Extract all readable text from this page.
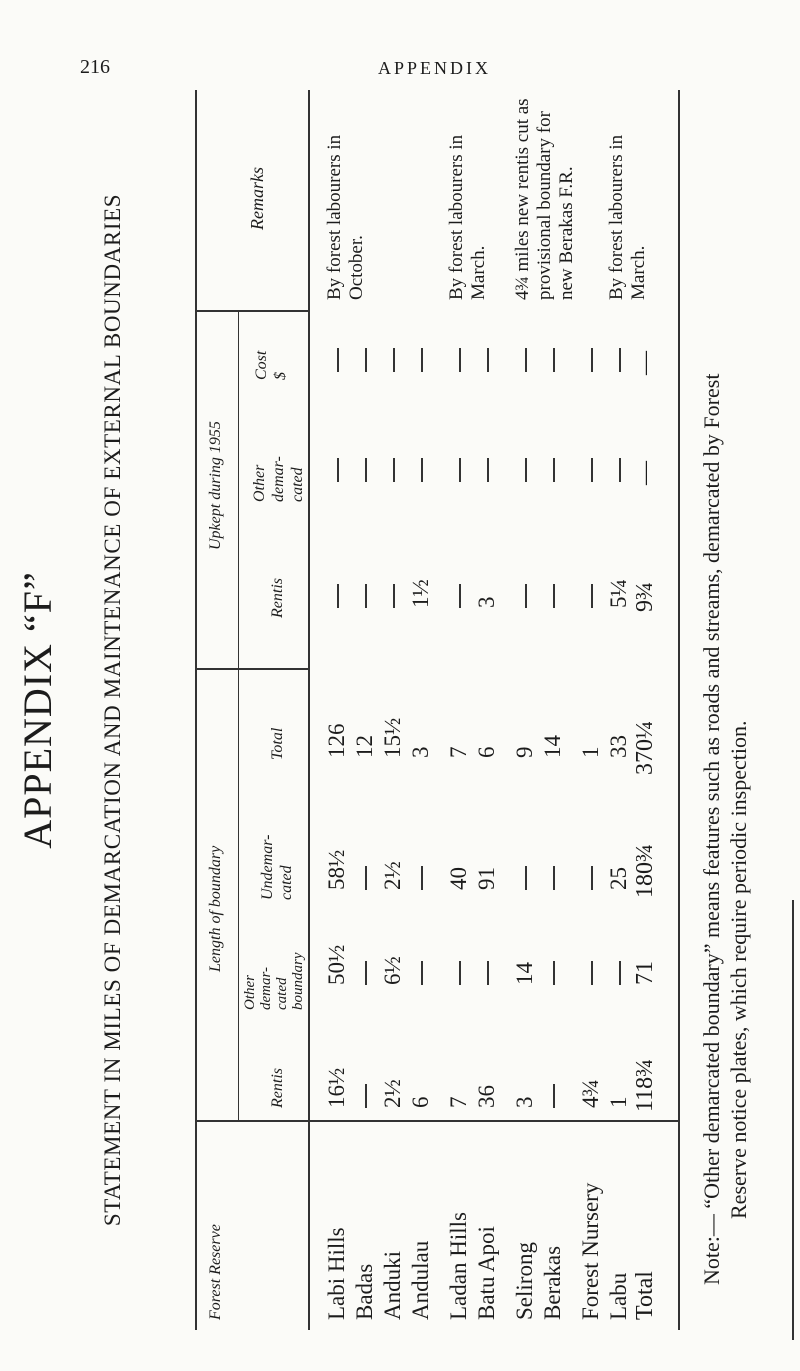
216	APPENDIX
APPENDIX “F” STATEMENT IN MILES OF DEMARCATION AND MAINTENANCE OF EXTERNAL BOUNDARIES
Forest Reserve
Length of boundary
Upkept during 1955
Remarks
Rentis
Other
demar-
cated
boundary
Undemar- cated
Total
Rentis
Other demar- cated
Cost $
Labi Hills
16½
50½
58½
126
By forest labourers in October.
Badas
12
Anduki
2½
6½
2½
15½
Andulau
6
3
1½
Ladan Hills
7
40
7
By forest labourers in March.
Batu Apoi
36
91
6
3
Selirong
3
14
9
4¾ miles new rentis cut as provisional boundary for new Berakas F.R.
Berakas
14
Forest Nursery
4¾
1
Labu
1
25
33
5¼
By forest labourers in March.
Total
118¾
71
180¾
370¼
9¾
—
—
Note:— “Other demarcated boundary” means features such as roads and streams, demarcated by Forest Reserve notice plates, which require periodic inspection.
